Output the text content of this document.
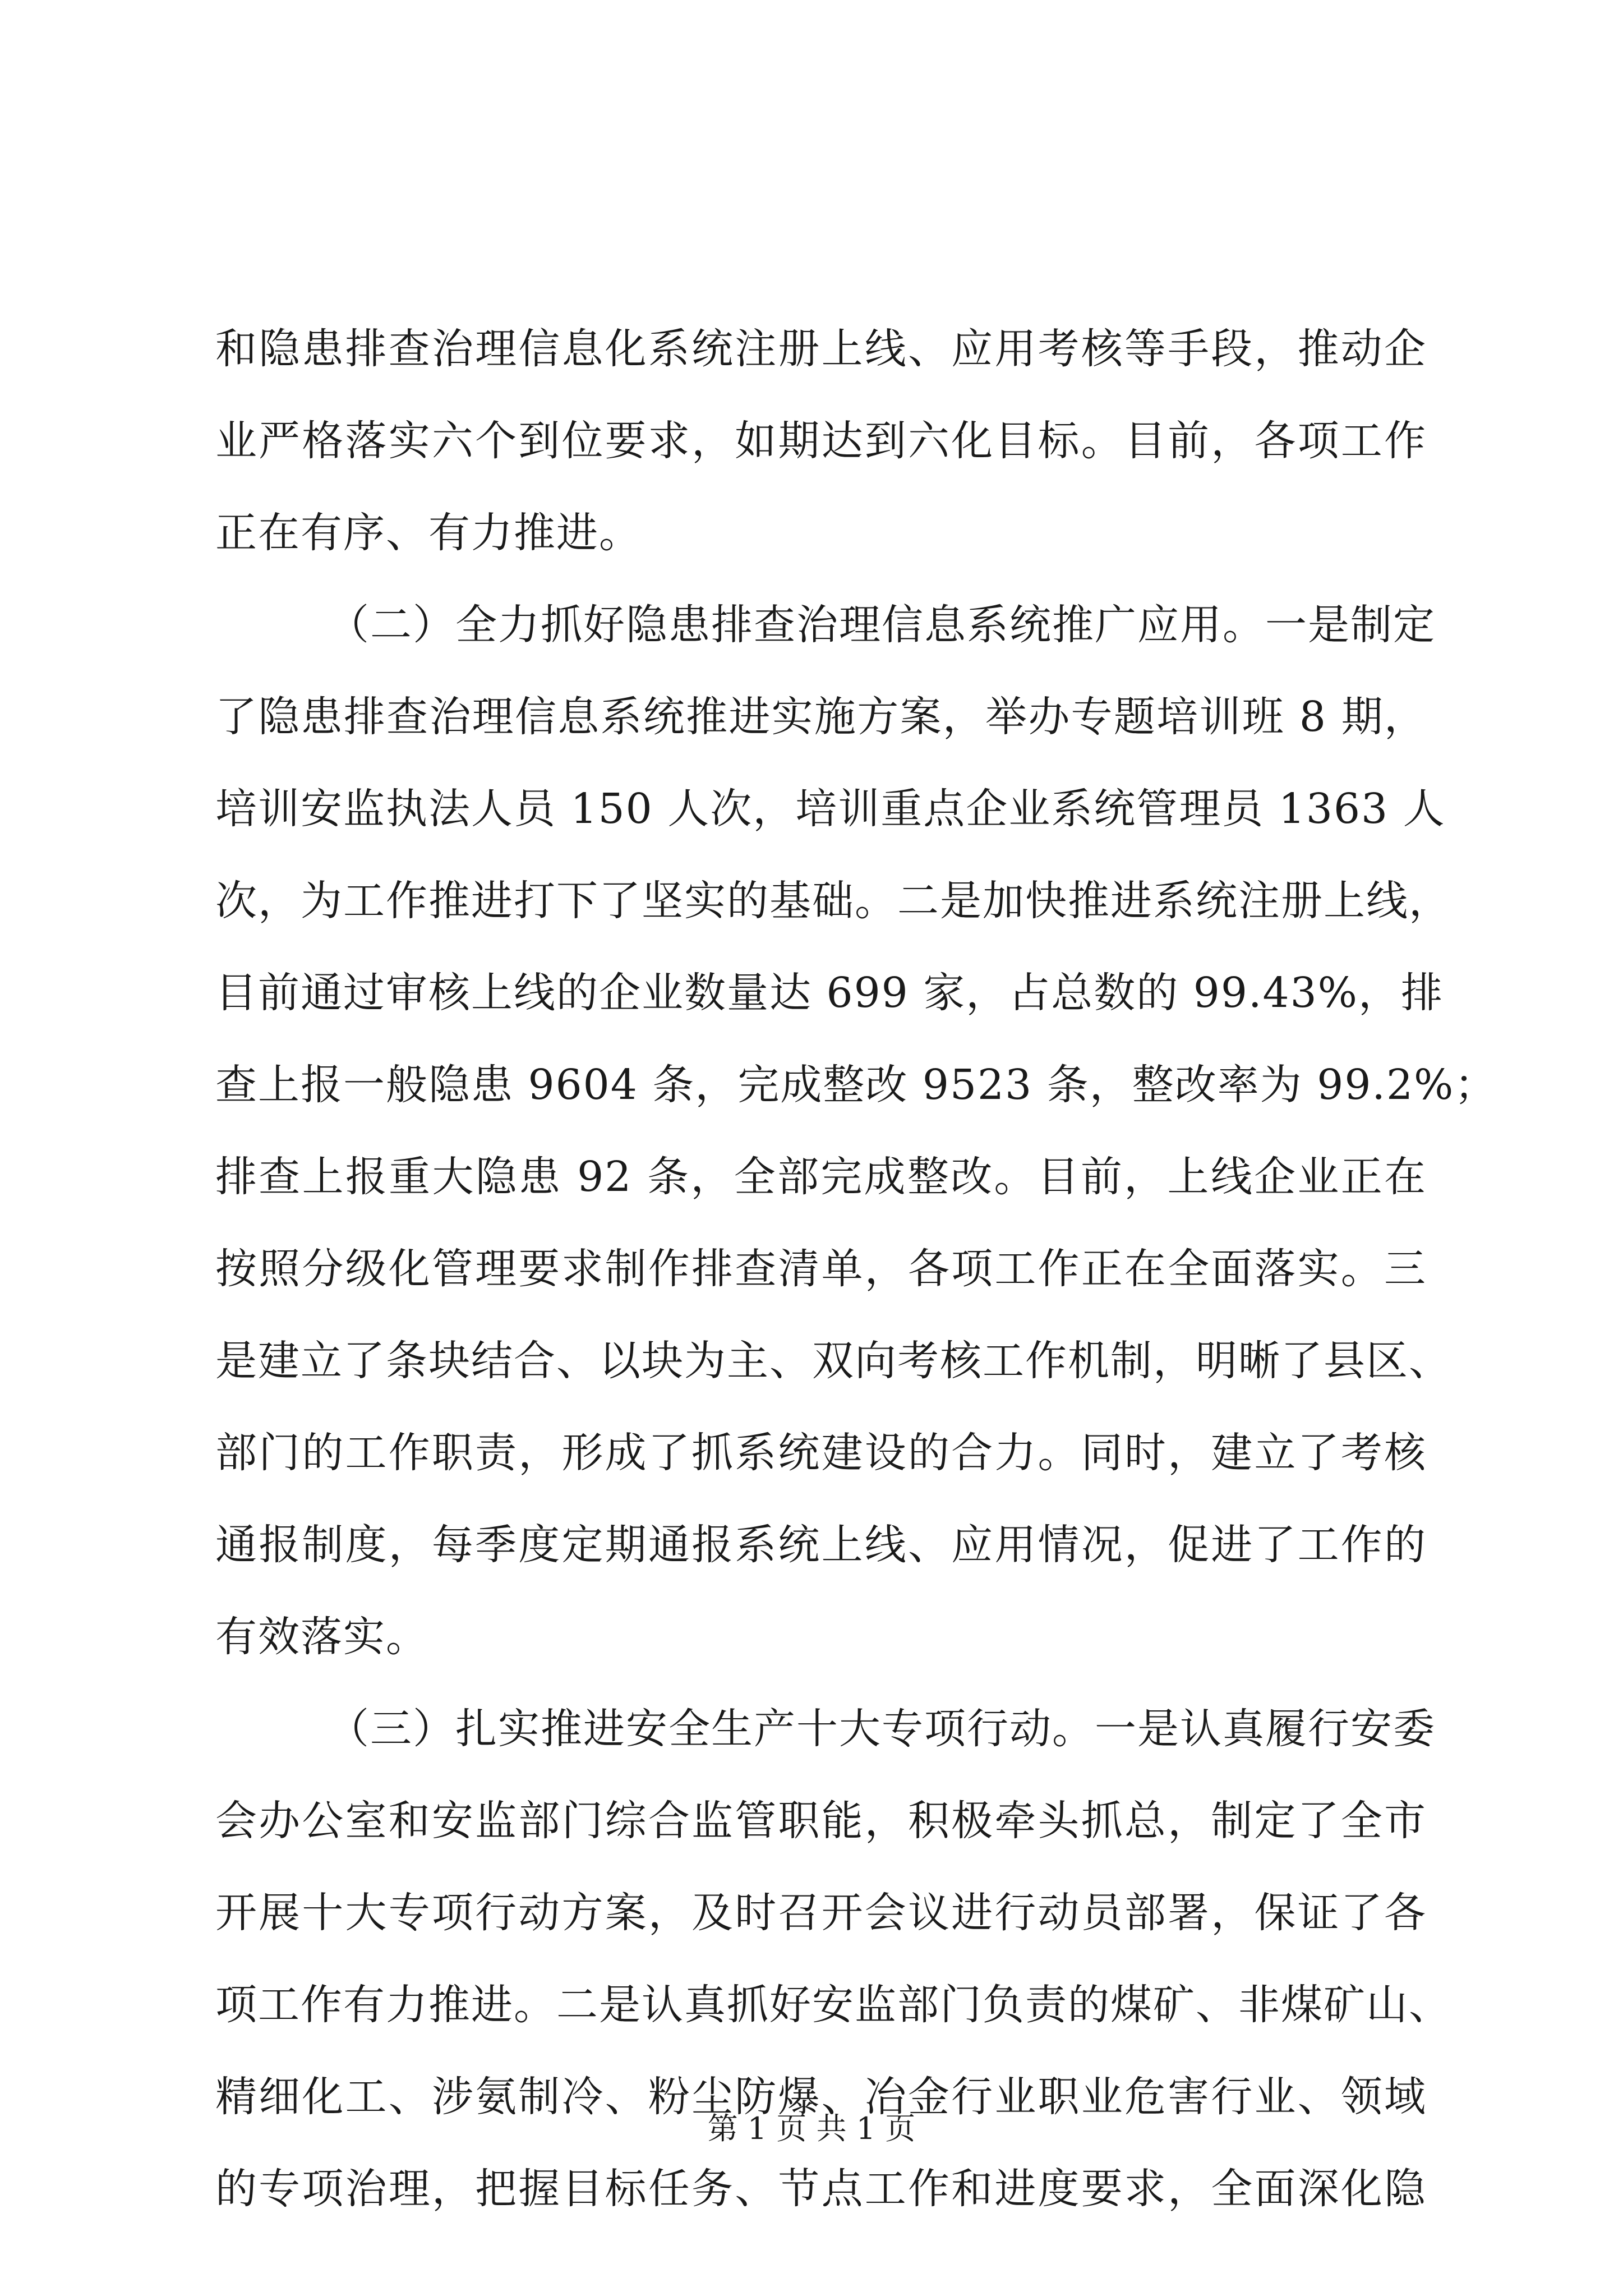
和隐患排查治理信息化系统注册上线、应用考核等手段，推动企
业严格落实六个到位要求，如期达到六化目标。目前，各项工作
正在有序、有力推进。
（二）全力抓好隐患排查治理信息系统推广应用。一是制定
了隐患排查治理信息系统推进实施方案，举办专题培训班 8 期，
培训安监执法人员 150 人次，培训重点企业系统管理员 1363 人
次，为工作推进打下了坚实的基础。二是加快推进系统注册上线，
目前通过审核上线的企业数量达 699 家，占总数的 99.43%，排
查上报一般隐患 9604 条，完成整改 9523 条，整改率为 99.2%；
排查上报重大隐患 92 条，全部完成整改。目前，上线企业正在
按照分级化管理要求制作排查清单，各项工作正在全面落实。三
是建立了条块结合、以块为主、双向考核工作机制，明晰了县区、
部门的工作职责，形成了抓系统建设的合力。同时，建立了考核
通报制度，每季度定期通报系统上线、应用情况，促进了工作的
有效落实。
（三）扎实推进安全生产十大专项行动。一是认真履行安委
会办公室和安监部门综合监管职能，积极牵头抓总，制定了全市
开展十大专项行动方案，及时召开会议进行动员部署，保证了各
项工作有力推进。二是认真抓好安监部门负责的煤矿、非煤矿山、
精细化工、涉氨制冷、粉尘防爆、冶金行业职业危害行业、领域
的专项治理，把握目标任务、节点工作和进度要求，全面深化隐
第 1 页 共 1 页
